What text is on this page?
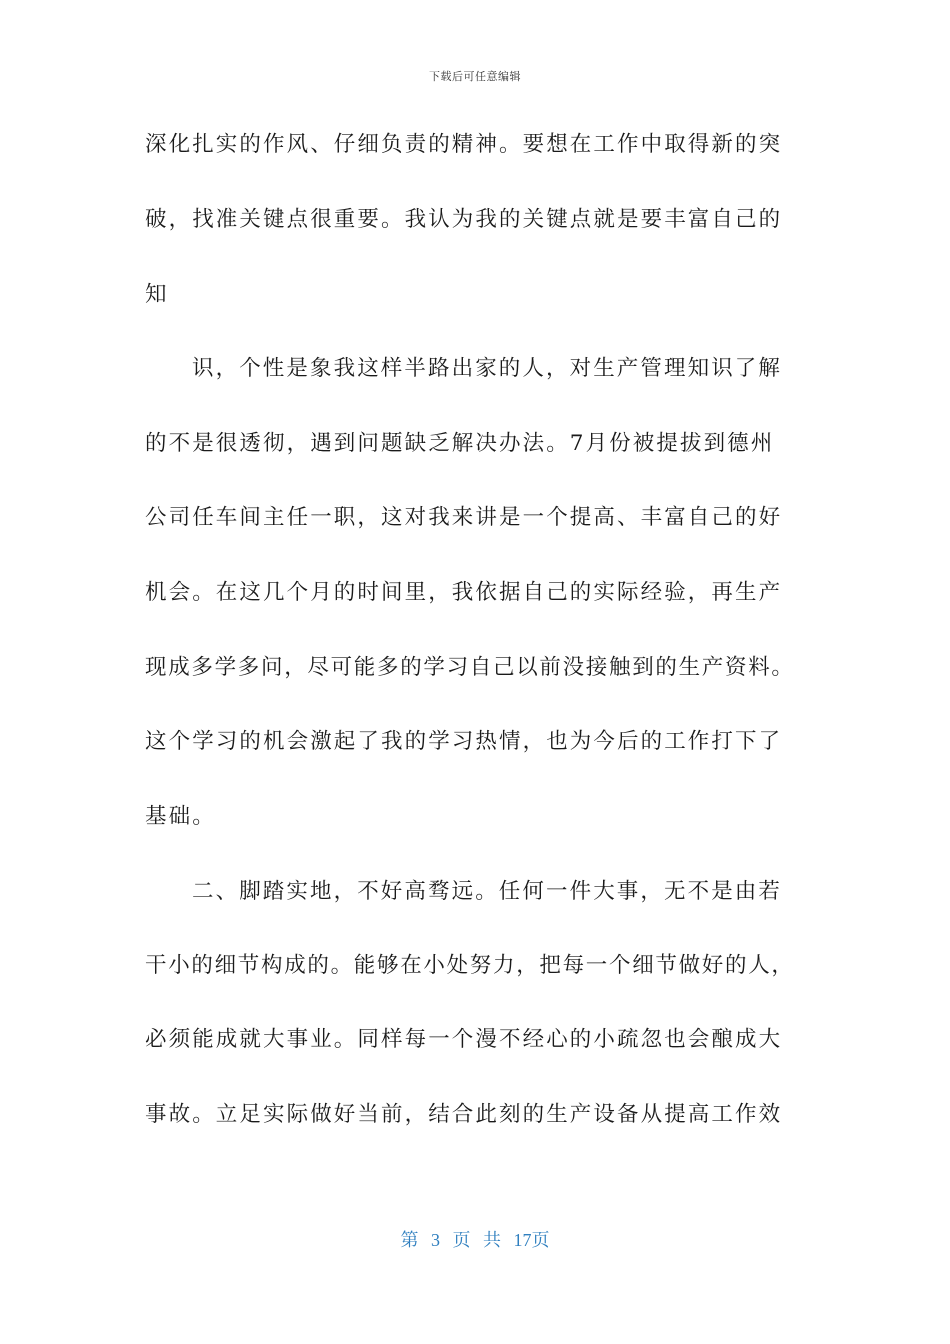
下载后可任意编辑
深化扎实的作风、仔细负责的精神。要想在工作中取得新的突
破，找准关键点很重要。我认为我的关键点就是要丰富自己的
知
识，个性是象我这样半路出家的人，对生产管理知识了解
的不是很透彻，遇到问题缺乏解决办法。7月份被提拔到德州
公司任车间主任一职，这对我来讲是一个提高、丰富自己的好
机会。在这几个月的时间里，我依据自己的实际经验，再生产
现成多学多问，尽可能多的学习自己以前没接触到的生产资料。
这个学习的机会激起了我的学习热情，也为今后的工作打下了
基础。
二、脚踏实地，不好高骛远。任何一件大事，无不是由若
干小的细节构成的。能够在小处努力，把每一个细节做好的人，
必须能成就大事业。同样每一个漫不经心的小疏忽也会酿成大
事故。立足实际做好当前，结合此刻的生产设备从提高工作效
第 3 页 共 17页
